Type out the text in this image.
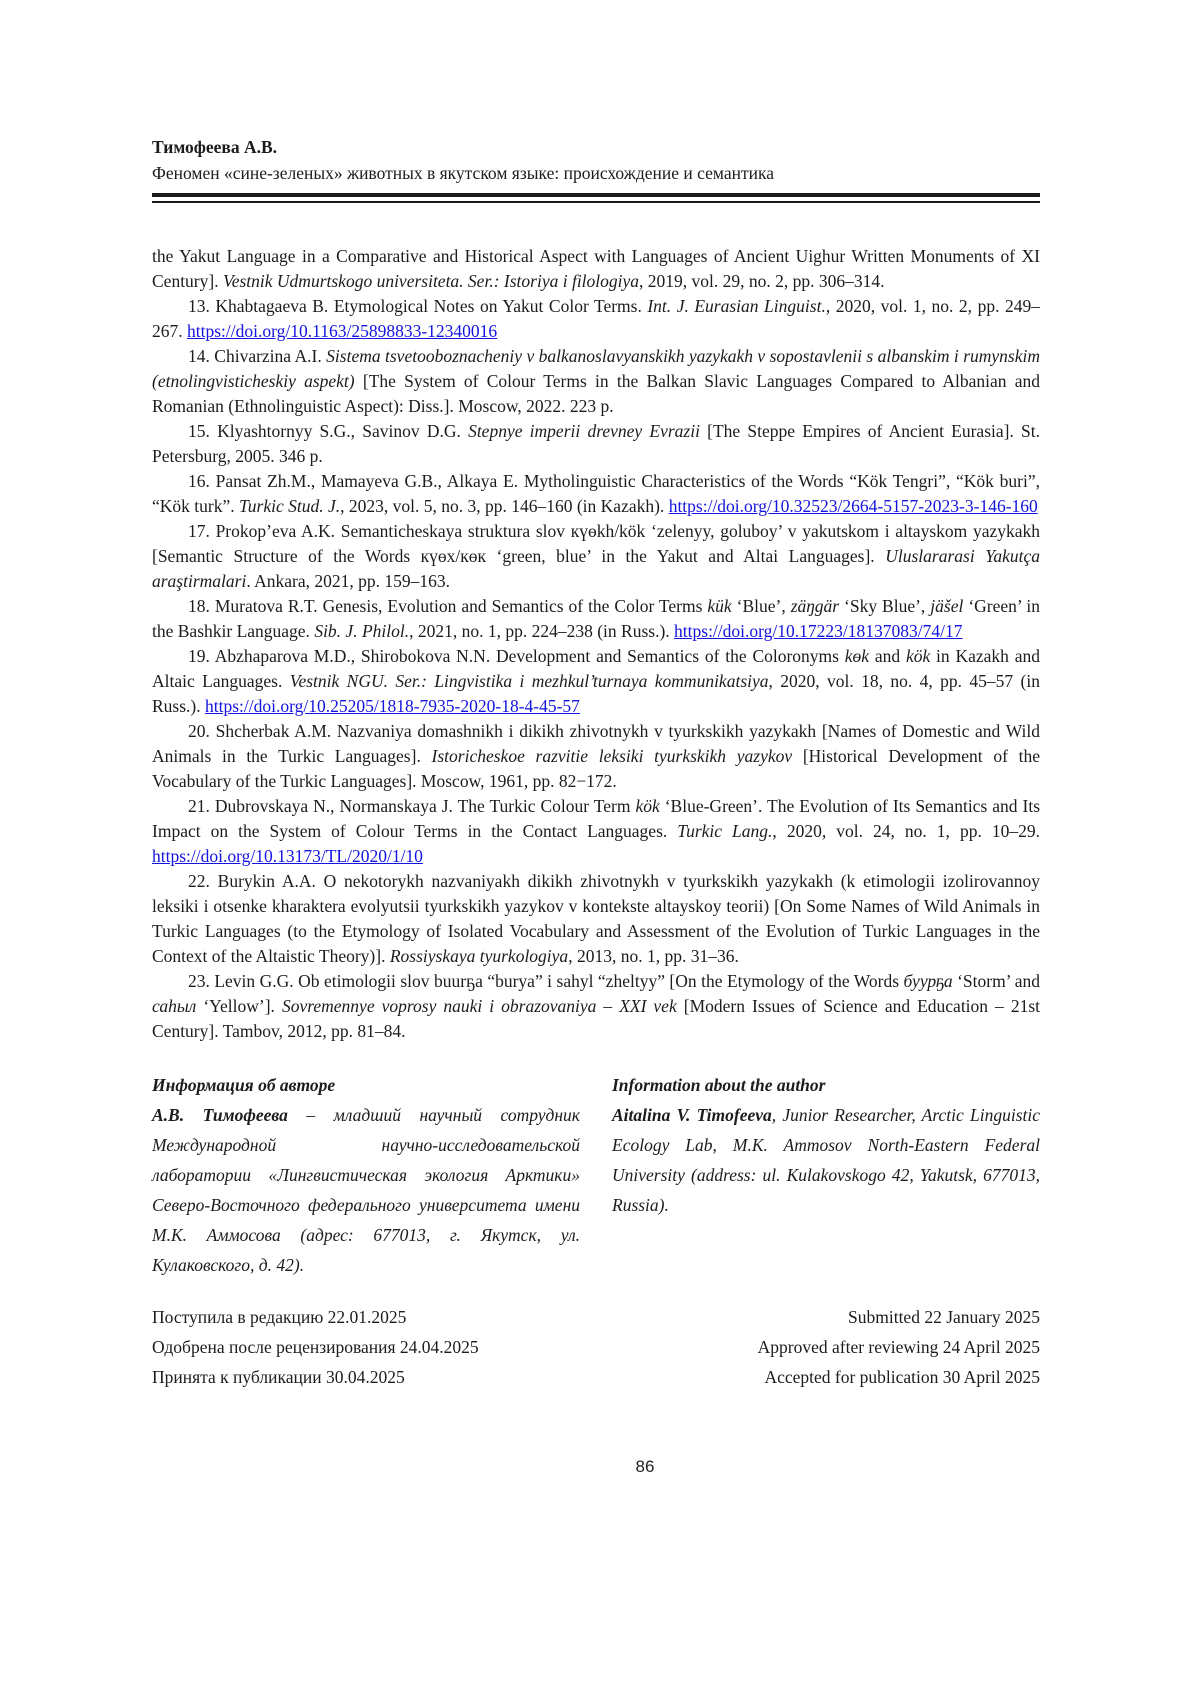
Тимофеева А.В.
Феномен «сине-зеленых» животных в якутском языке: происхождение и семантика

the Yakut Language in a Comparative and Historical Aspect with Languages of Ancient Uighur Written Monuments of XI Century]. Vestnik Udmurtskogo universiteta. Ser.: Istoriya i filologiya, 2019, vol. 29, no. 2, pp. 306–314.

13. Khabtagaeva B. Etymological Notes on Yakut Color Terms. Int. J. Eurasian Linguist., 2020, vol. 1, no. 2, pp. 249–267. https://doi.org/10.1163/25898833-12340016

14. Chivarzina A.I. Sistema tsvetooboznacheniy v balkanoslavyanskikh yazykakh v sopostavlenii s albanskim i rumynskim (etnolingvisticheskiy aspekt) [The System of Colour Terms in the Balkan Slavic Languages Compared to Albanian and Romanian (Ethnolinguistic Aspect): Diss.]. Moscow, 2022. 223 p.

15. Klyashtornyy S.G., Savinov D.G. Stepnye imperii drevney Evrazii [The Steppe Empires of Ancient Eurasia]. St. Petersburg, 2005. 346 p.

16. Pansat Zh.M., Mamayeva G.B., Alkaya E. Mytholinguistic Characteristics of the Words “Kök Tengri”, “Kök buri”, “Kök turk”. Turkic Stud. J., 2023, vol. 5, no. 3, pp. 146–160 (in Kazakh). https://doi.org/10.32523/2664-5157-2023-3-146-160

17. Prokop’eva A.K. Semanticheskaya struktura slov күөkh/kök ‘zelenyy, goluboy’ v yakutskom i altayskom yazykakh [Semantic Structure of the Words күөх/көк ‘green, blue’ in the Yakut and Altai Languages]. Uluslararasi Yakutça araştirmalari. Ankara, 2021, pp. 159–163.

18. Muratova R.T. Genesis, Evolution and Semantics of the Color Terms kük ‘Blue’, zäŋgär ‘Sky Blue’, jäšel ‘Green’ in the Bashkir Language. Sib. J. Philol., 2021, no. 1, pp. 224–238 (in Russ.). https://doi.org/10.17223/18137083/74/17

19. Abzhaparova M.D., Shirobokova N.N. Development and Semantics of the Coloronyms kөk and kök in Kazakh and Altaic Languages. Vestnik NGU. Ser.: Lingvistika i mezhkul’turnaya kommunikatsiya, 2020, vol. 18, no. 4, pp. 45–57 (in Russ.). https://doi.org/10.25205/1818-7935-2020-18-4-45-57

20. Shcherbak A.M. Nazvaniya domashnikh i dikikh zhivotnykh v tyurkskikh yazykakh [Names of Domestic and Wild Animals in the Turkic Languages]. Istoricheskoe razvitie leksiki tyurkskikh yazykov [Historical Development of the Vocabulary of the Turkic Languages]. Moscow, 1961, pp. 82−172.

21. Dubrovskaya N., Normanskaya J. The Turkic Colour Term kök ‘Blue-Green’. The Evolution of Its Semantics and Its Impact on the System of Colour Terms in the Contact Languages. Turkic Lang., 2020, vol. 24, no. 1, pp. 10–29. https://doi.org/10.13173/TL/2020/1/10

22. Burykin A.A. O nekotorykh nazvaniyakh dikikh zhivotnykh v tyurkskikh yazykakh (k etimologii izolirovannoy leksiki i otsenke kharaktera evolyutsii tyurkskikh yazykov v kontekste altayskoy teorii) [On Some Names of Wild Animals in Turkic Languages (to the Etymology of Isolated Vocabulary and Assessment of the Evolution of Turkic Languages in the Context of the Altaistic Theory)]. Rossiyskaya tyurkologiya, 2013, no. 1, pp. 31–36.

23. Levin G.G. Ob etimologii slov buurҕa “burya” i sahyl “zheltyy” [On the Etymology of the Words буурҕа ‘Storm’ and саһыл ‘Yellow’]. Sovremennye voprosy nauki i obrazovaniya – XXI vek [Modern Issues of Science and Education – 21st Century]. Tambov, 2012, pp. 81–84.

Информация об авторе

А.В. Тимофеева – младший научный сотрудник Международной научно-исследовательской лаборатории «Лингвистическая экология Арктики» Северо-Восточного федерального университета имени М.К. Аммосова (адрес: 677013, г. Якутск, ул. Кулаковского, д. 42).

Information about the author

Aitalina V. Timofeeva, Junior Researcher, Arctic Linguistic Ecology Lab, M.K. Ammosov North-Eastern Federal University (address: ul. Kulakovskogo 42, Yakutsk, 677013, Russia).

Поступила в редакцию 22.01.2025
Одобрена после рецензирования 24.04.2025
Принята к публикации 30.04.2025
Submitted 22 January 2025
Approved after reviewing 24 April 2025
Accepted for publication 30 April 2025
86
